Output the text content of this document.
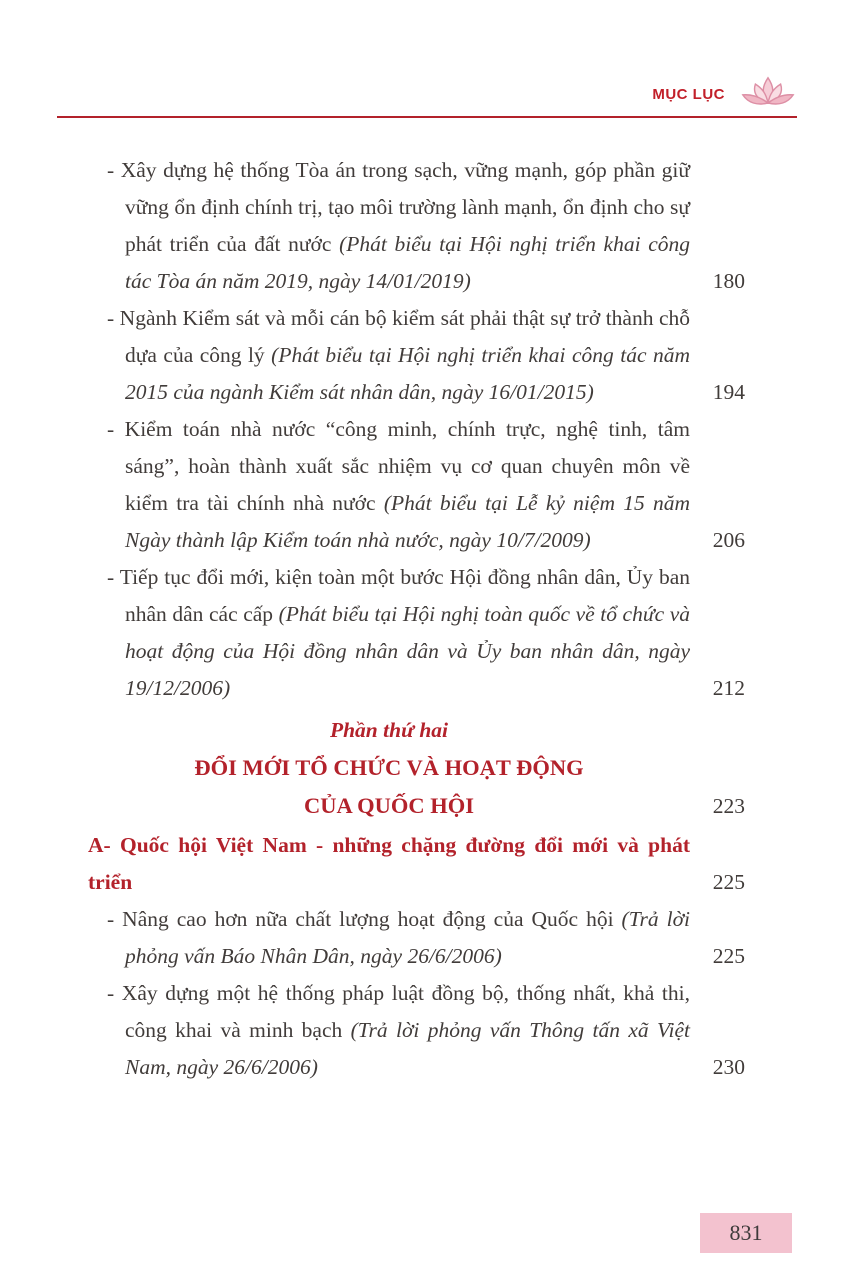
MỤC LỤC

- Xây dựng hệ thống Tòa án trong sạch, vững mạnh, góp phần giữ vững ổn định chính trị, tạo môi trường lành mạnh, ổn định cho sự phát triển của đất nước (Phát biểu tại Hội nghị triển khai công tác Tòa án năm 2019, ngày 14/01/2019)	180

- Ngành Kiểm sát và mỗi cán bộ kiểm sát phải thật sự trở thành chỗ dựa của công lý (Phát biểu tại Hội nghị triển khai công tác năm 2015 của ngành Kiểm sát nhân dân, ngày 16/01/2015)	194

- Kiểm toán nhà nước “công minh, chính trực, nghệ tinh, tâm sáng”, hoàn thành xuất sắc nhiệm vụ cơ quan chuyên môn về kiểm tra tài chính nhà nước (Phát biểu tại Lễ kỷ niệm 15 năm Ngày thành lập Kiểm toán nhà nước, ngày 10/7/2009)	206

- Tiếp tục đổi mới, kiện toàn một bước Hội đồng nhân dân, Ủy ban nhân dân các cấp (Phát biểu tại Hội nghị toàn quốc về tổ chức và hoạt động của Hội đồng nhân dân và Ủy ban nhân dân, ngày 19/12/2006)	212
Phần thứ hai
ĐỔI MỚI TỔ CHỨC VÀ HOẠT ĐỘNG
CỦA QUỐC HỘI	223

A- Quốc hội Việt Nam - những chặng đường đổi mới và phát triển	225

- Nâng cao hơn nữa chất lượng hoạt động của Quốc hội (Trả lời phỏng vấn Báo Nhân Dân, ngày 26/6/2006)	225

- Xây dựng một hệ thống pháp luật đồng bộ, thống nhất, khả thi, công khai và minh bạch (Trả lời phỏng vấn Thông tấn xã Việt Nam, ngày 26/6/2006)	230
831
